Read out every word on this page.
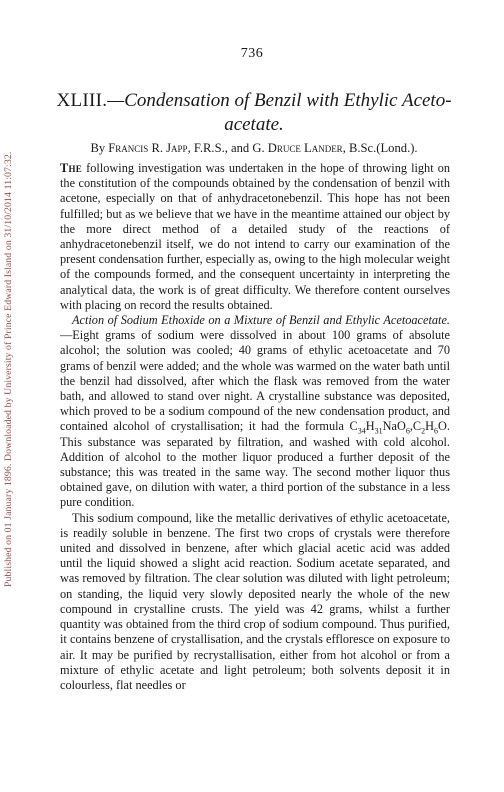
Published on 01 January 1896. Downloaded by University of Prince Edward Island on 31/10/2014 11:07:32.
736
XLIII.—Condensation of Benzil with Ethylic Aceto-acetate.
By Francis R. Japp, F.R.S., and G. Druce Lander, B.Sc.(Lond.).

The following investigation was undertaken in the hope of throwing light on the constitution of the compounds obtained by the condensation of benzil with acetone, especially on that of anhydracetonebenzil. This hope has not been fulfilled; but as we believe that we have in the meantime attained our object by the more direct method of a detailed study of the reactions of anhydracetonebenzil itself, we do not intend to carry our examination of the present condensation further, especially as, owing to the high molecular weight of the compounds formed, and the consequent uncertainty in interpreting the analytical data, the work is of great difficulty. We therefore content ourselves with placing on record the results obtained.

Action of Sodium Ethoxide on a Mixture of Benzil and Ethylic Acetoacetate.—Eight grams of sodium were dissolved in about 100 grams of absolute alcohol; the solution was cooled; 40 grams of ethylic acetoacetate and 70 grams of benzil were added; and the whole was warmed on the water bath until the benzil had dissolved, after which the flask was removed from the water bath, and allowed to stand over night. A crystalline substance was deposited, which proved to be a sodium compound of the new condensation product, and contained alcohol of crystallisation; it had the formula $C_{34}H_{31}NaO_6,C_2H_6O$. This substance was separated by filtration, and washed with cold alcohol. Addition of alcohol to the mother liquor produced a further deposit of the substance; this was treated in the same way. The second mother liquor thus obtained gave, on dilution with water, a third portion of the substance in a less pure condition.

This sodium compound, like the metallic derivatives of ethylic acetoacetate, is readily soluble in benzene. The first two crops of crystals were therefore united and dissolved in benzene, after which glacial acetic acid was added until the liquid showed a slight acid reaction. Sodium acetate separated, and was removed by filtration. The clear solution was diluted with light petroleum; on standing, the liquid very slowly deposited nearly the whole of the new compound in crystalline crusts. The yield was 42 grams, whilst a further quantity was obtained from the third crop of sodium compound. Thus purified, it contains benzene of crystallisation, and the crystals effloresce on exposure to air. It may be purified by recrystallisation, either from hot alcohol or from a mixture of ethylic acetate and light petroleum; both solvents deposit it in colourless, flat needles or
